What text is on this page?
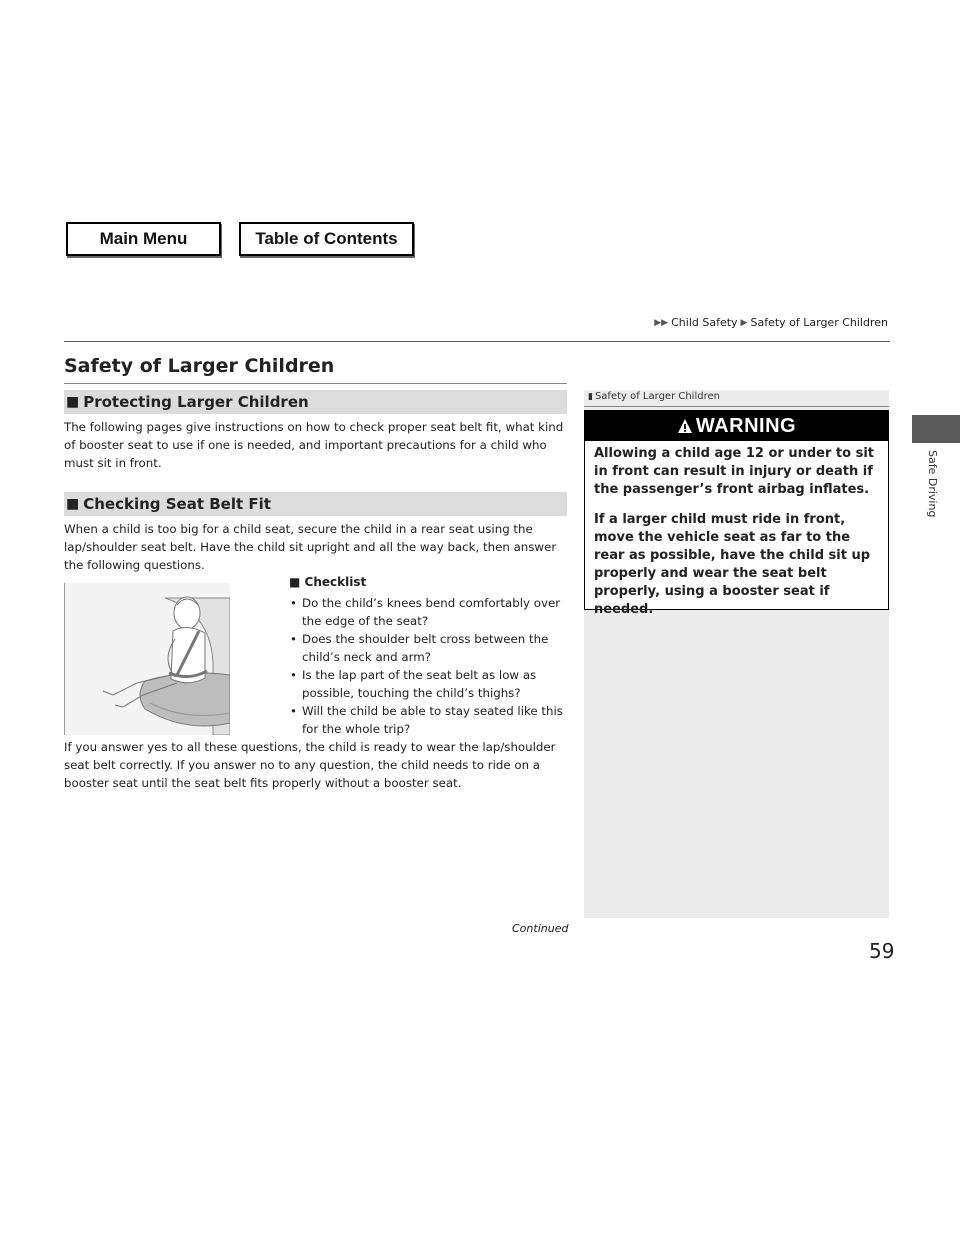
Main Menu	Table of Contents
▶▶ Child Safety ▶ Safety of Larger Children
Safety of Larger Children
■ Protecting Larger Children
The following pages give instructions on how to check proper seat belt fit, what kind of booster seat to use if one is needed, and important precautions for a child who must sit in front.
■ Checking Seat Belt Fit
When a child is too big for a child seat, secure the child in a rear seat using the lap/shoulder seat belt. Have the child sit upright and all the way back, then answer the following questions.
■ Checklist
• Do the child’s knees bend comfortably over the edge of the seat?
• Does the shoulder belt cross between the child’s neck and arm?
• Is the lap part of the seat belt as low as possible, touching the child’s thighs?
• Will the child be able to stay seated like this for the whole trip?
If you answer yes to all these questions, the child is ready to wear the lap/shoulder seat belt correctly. If you answer no to any question, the child needs to ride on a booster seat until the seat belt fits properly without a booster seat.
▮ Safety of Larger Children
WARNING
Allowing a child age 12 or under to sit in front can result in injury or death if the passenger’s front airbag inflates.
If a larger child must ride in front, move the vehicle seat as far to the rear as possible, have the child sit up properly and wear the seat belt properly, using a booster seat if needed.
Continued
59
Safe Driving
